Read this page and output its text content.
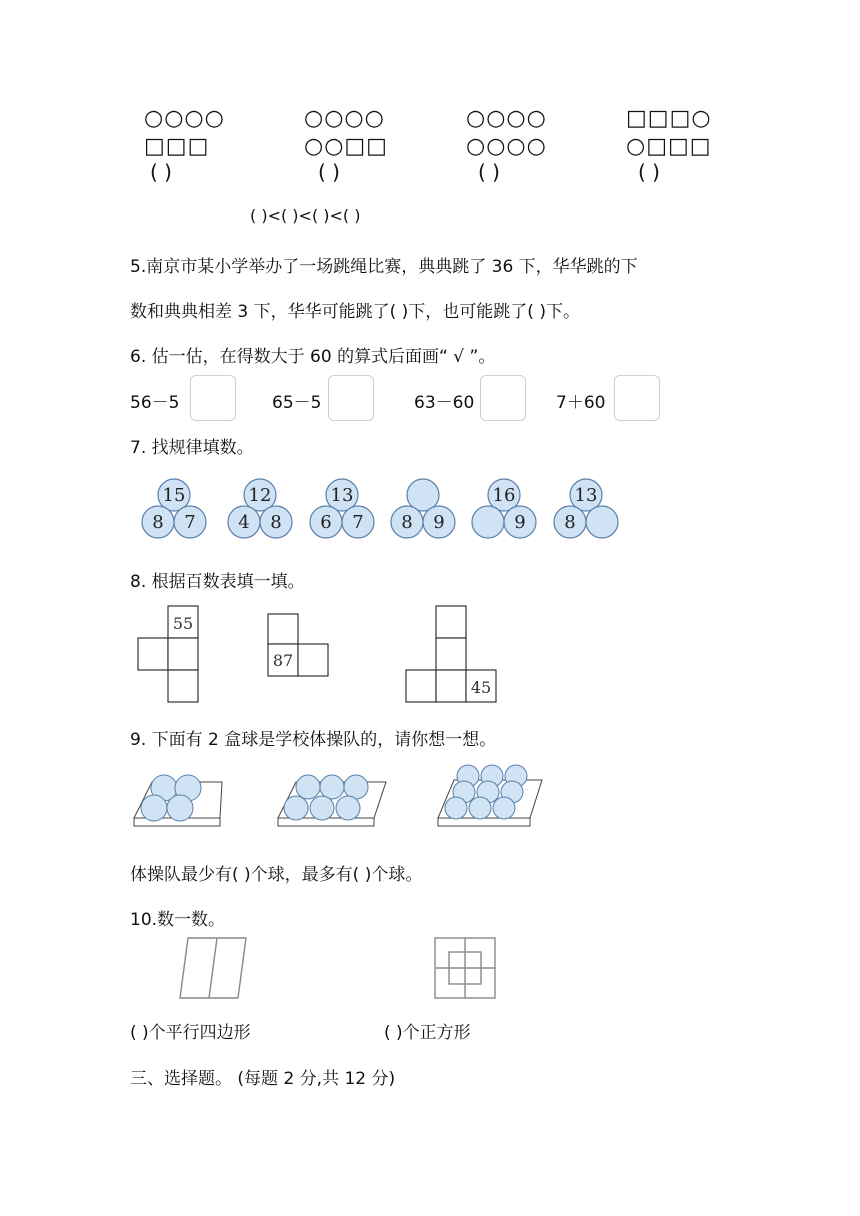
○○○○
□□□
( )
○○○○
○○□□
( )
○○○○
○○○○
( )
□□□○
○□□□
( )
( )<( )<( )<( )
5.南京市某小学举办了一场跳绳比赛，典典跳了 36 下，华华跳的下
数和典典相差 3 下，华华可能跳了( )下，也可能跳了( )下。
6. 估一估，在得数大于 60 的算式后面画“ √ ”。
56－5	65－5	63－60	7＋60
7. 找规律填数。
15
8 7
12
4 8
13
6 7 8 9
16
9
13
8
8. 根据百数表填一填。
55
87
45
9. 下面有 2 盒球是学校体操队的，请你想一想。
体操队最少有( )个球，最多有( )个球。
10.数一数。
( )个平行四边形	( )个正方形
三、选择题。 (每题 2 分,共 12 分)
